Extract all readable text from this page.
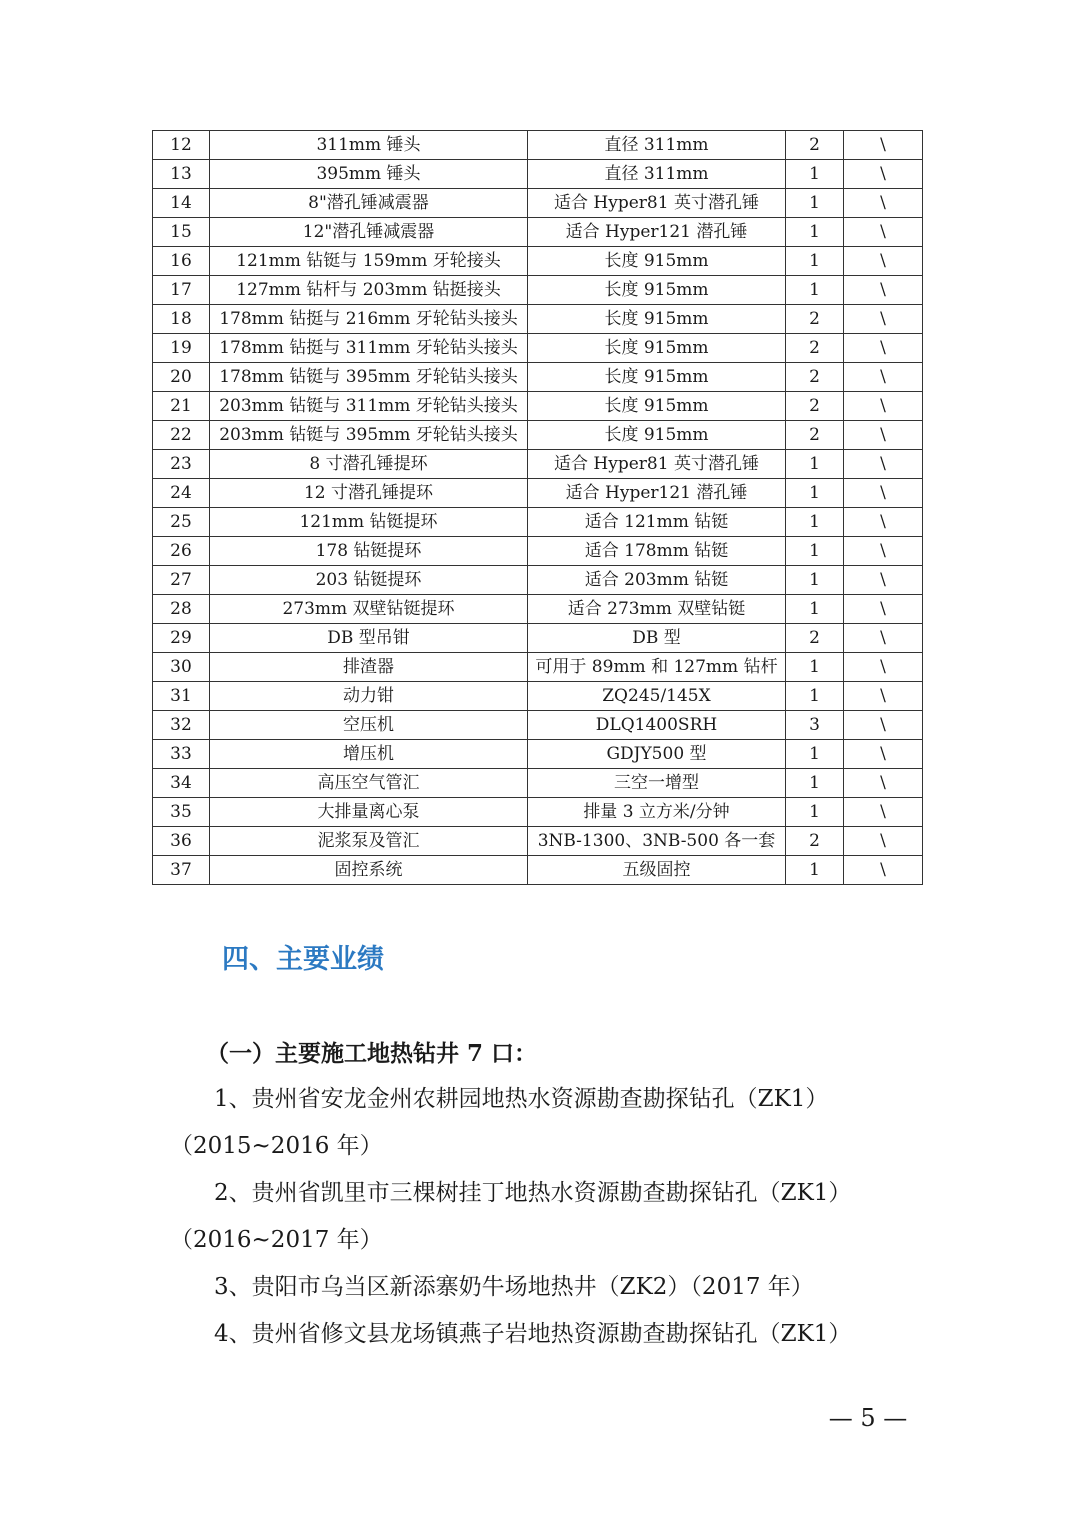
12	311mm 锤头	直径 311mm	2	\
13	395mm 锤头	直径 311mm	1	\
14	8"潜孔锤减震器	适合 Hyper81 英寸潜孔锤	1	\
15	12"潜孔锤减震器	适合 Hyper121 潜孔锤	1	\
16	121mm 钻铤与 159mm 牙轮接头	长度 915mm	1	\
17	127mm 钻杆与 203mm 钻挺接头	长度 915mm	1	\
18	178mm 钻挺与 216mm 牙轮钻头接头	长度 915mm	2	\
19	178mm 钻挺与 311mm 牙轮钻头接头	长度 915mm	2	\
20	178mm 钻铤与 395mm 牙轮钻头接头	长度 915mm	2	\
21	203mm 钻铤与 311mm 牙轮钻头接头	长度 915mm	2	\
22	203mm 钻铤与 395mm 牙轮钻头接头	长度 915mm	2	\
23	8 寸潜孔锤提环	适合 Hyper81 英寸潜孔锤	1	\
24	12 寸潜孔锤提环	适合 Hyper121 潜孔锤	1	\
25	121mm 钻铤提环	适合 121mm 钻铤	1	\
26	178 钻铤提环	适合 178mm 钻铤	1	\
27	203 钻铤提环	适合 203mm 钻铤	1	\
28	273mm 双壁钻铤提环	适合 273mm 双壁钻铤	1	\
29	DB 型吊钳	DB 型	2	\
30	排渣器	可用于 89mm 和 127mm 钻杆	1	\
31	动力钳	ZQ245/145X	1	\
32	空压机	DLQ1400SRH	3	\
33	增压机	GDJY500 型	1	\
34	高压空气管汇	三空一增型	1	\
35	大排量离心泵	排量 3 立方米/分钟	1	\
36	泥浆泵及管汇	3NB-1300、3NB-500 各一套	2	\
37	固控系统	五级固控	1	\
四、主要业绩

（一）主要施工地热钻井 7 口：

1、贵州省安龙金州农耕园地热水资源勘查勘探钻孔（ZK1）（2015~2016 年）

2、贵州省凯里市三棵树挂丁地热水资源勘查勘探钻孔（ZK1）（2016~2017 年）

3、贵阳市乌当区新添寨奶牛场地热井（ZK2）（2017 年）

4、贵州省修文县龙场镇燕子岩地热资源勘查勘探钻孔（ZK1）

— 5 —
